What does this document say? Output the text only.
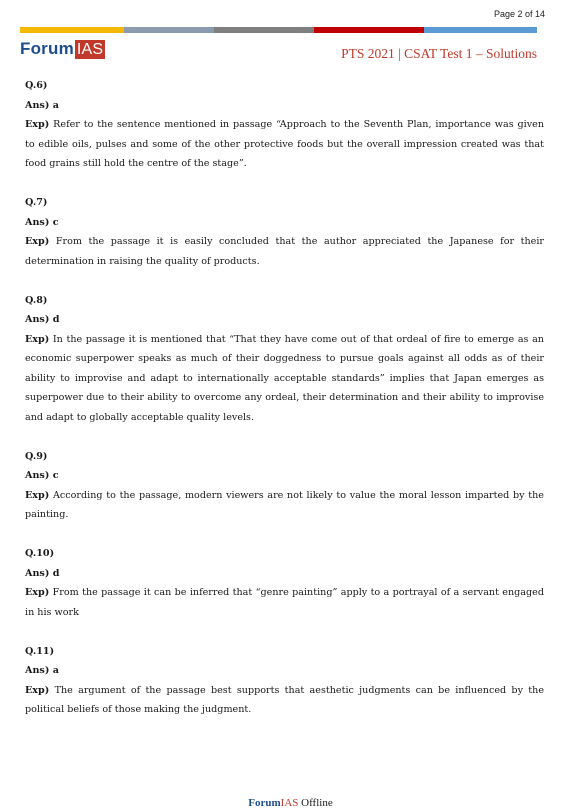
Page 2 of 14
Forum IAS	PTS 2021 | CSAT Test 1 – Solutions
Q.6)
Ans) a
Exp) Refer to the sentence mentioned in passage “Approach to the Seventh Plan, importance was given to edible oils, pulses and some of the other protective foods but the overall impression created was that food grains still hold the centre of the stage”.
Q.7)
Ans) c
Exp) From the passage it is easily concluded that the author appreciated the Japanese for their determination in raising the quality of products.
Q.8)
Ans) d
Exp) In the passage it is mentioned that “That they have come out of that ordeal of fire to emerge as an economic superpower speaks as much of their doggedness to pursue goals against all odds as of their ability to improvise and adapt to internationally acceptable standards” implies that Japan emerges as superpower due to their ability to overcome any ordeal, their determination and their ability to improvise and adapt to globally acceptable quality levels.
Q.9)
Ans) c
Exp) According to the passage, modern viewers are not likely to value the moral lesson imparted by the painting.
Q.10)
Ans) d
Exp) From the passage it can be inferred that “genre painting” apply to a portrayal of a servant engaged in his work
Q.11)
Ans) a
Exp) The argument of the passage best supports that aesthetic judgments can be influenced by the political beliefs of those making the judgment.
ForumIAS Offline
